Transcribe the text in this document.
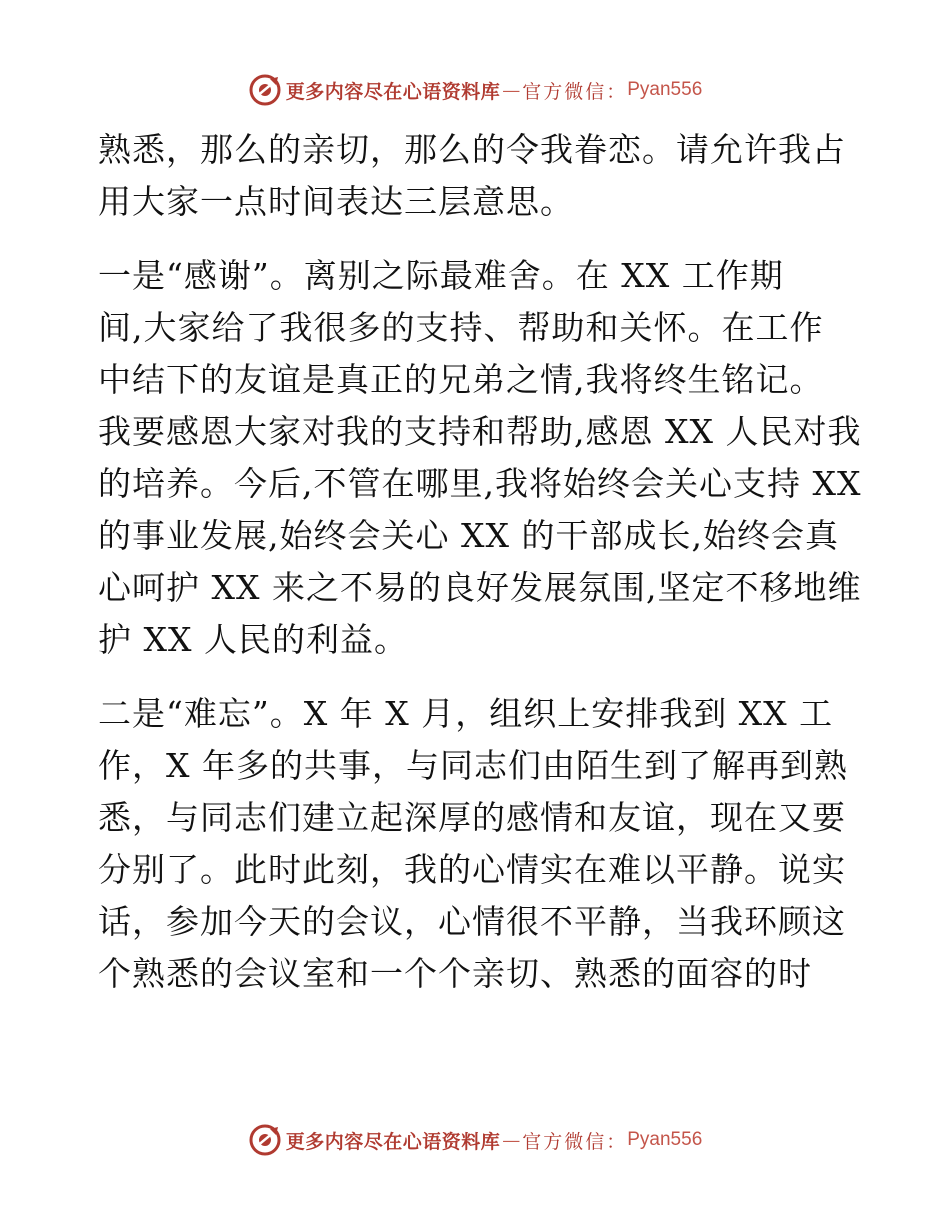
更多内容尽在心语资料库 — 官方微信： Pyan556

熟悉，那么的亲切，那么的令我眷恋。请允许我占

用大家一点时间表达三层意思。

一是“感谢”。离别之际最难舍。在 XX 工作期

间,大家给了我很多的支持、帮助和关怀。在工作

中结下的友谊是真正的兄弟之情,我将终生铭记。

我要感恩大家对我的支持和帮助,感恩 XX 人民对我

的培养。今后,不管在哪里,我将始终会关心支持 XX

的事业发展,始终会关心 XX 的干部成长,始终会真

心呵护 XX 来之不易的良好发展氛围,坚定不移地维

护 XX 人民的利益。

二是“难忘”。X 年 X 月，组织上安排我到 XX 工

作，X 年多的共事，与同志们由陌生到了解再到熟

悉，与同志们建立起深厚的感情和友谊，现在又要

分别了。此时此刻，我的心情实在难以平静。说实

话，参加今天的会议，心情很不平静，当我环顾这

个熟悉的会议室和一个个亲切、熟悉的面容的时

更多内容尽在心语资料库 — 官方微信： Pyan556
